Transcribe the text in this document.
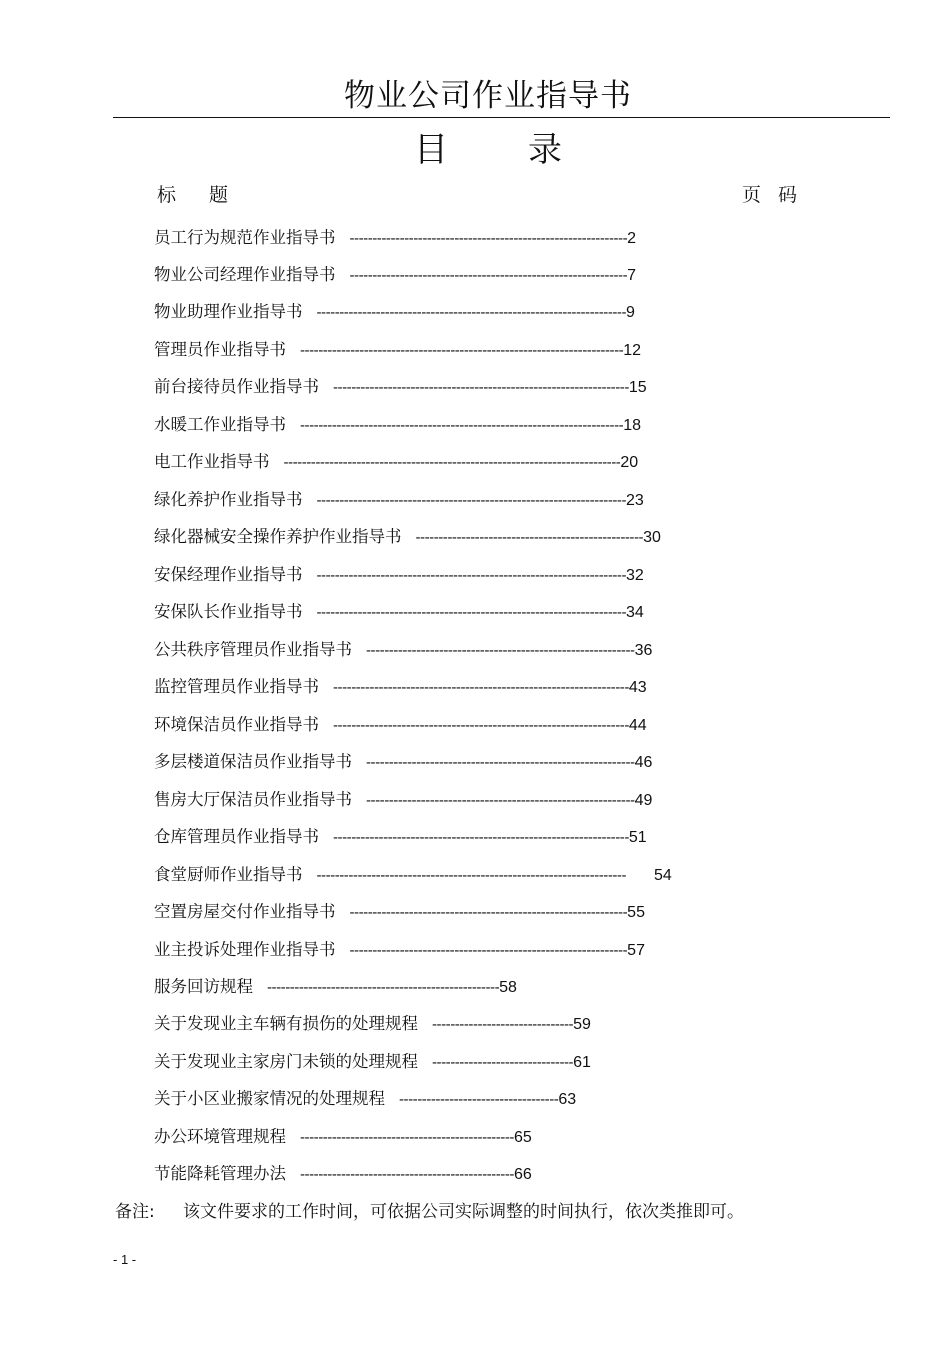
物业公司作业指导书
目 录
标 题	页 码
员工行为规范作业指导书 -------------------------------------------------------------2
物业公司经理作业指导书 -------------------------------------------------------------7
物业助理作业指导书 --------------------------------------------------------------------9
管理员作业指导书 -----------------------------------------------------------------------12
前台接待员作业指导书 -----------------------------------------------------------------15
水暖工作业指导书 -----------------------------------------------------------------------18
电工作业指导书 --------------------------------------------------------------------------20
绿化养护作业指导书 --------------------------------------------------------------------23
绿化器械安全操作养护作业指导书 --------------------------------------------------30
安保经理作业指导书 --------------------------------------------------------------------32
安保队长作业指导书 --------------------------------------------------------------------34
公共秩序管理员作业指导书 -----------------------------------------------------------36
监控管理员作业指导书 -----------------------------------------------------------------43
环境保洁员作业指导书 -----------------------------------------------------------------44
多层楼道保洁员作业指导书 -----------------------------------------------------------46
售房大厅保洁员作业指导书 -----------------------------------------------------------49
仓库管理员作业指导书 -----------------------------------------------------------------51
食堂厨师作业指导书 -------------------------------------------------------------------- 54
空置房屋交付作业指导书 -------------------------------------------------------------55
业主投诉处理作业指导书 -------------------------------------------------------------57
服务回访规程 ---------------------------------------------------58
关于发现业主车辆有损伤的处理规程 -------------------------------59
关于发现业主家房门未锁的处理规程 -------------------------------61
关于小区业搬家情况的处理规程 -----------------------------------63
办公环境管理规程 -----------------------------------------------65
节能降耗管理办法 -----------------------------------------------66
备注: 该文件要求的工作时间，可依据公司实际调整的时间执行，依次类推即可。
- 1 -
